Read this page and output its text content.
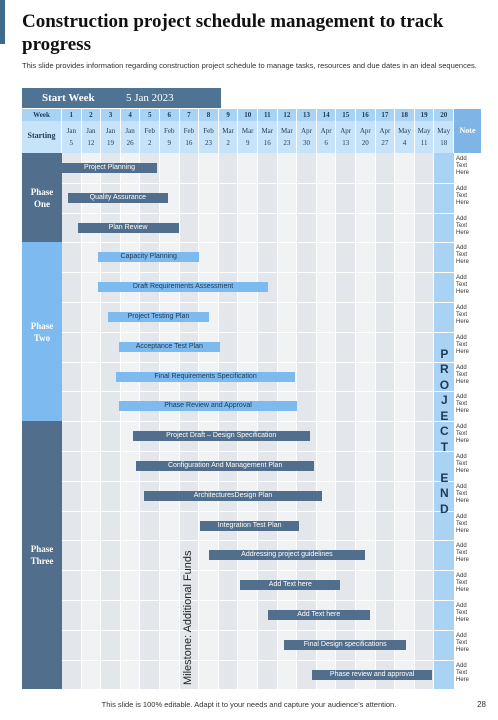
Construction project schedule management to track progress
This slide provides information regarding construction project schedule to manage tasks, resources and due dates in an ideal sequences.
Start Week	5 Jan 2023
Week
Starting
1
Jan
5
2
Jan
12
3
Jan
19
4
Jan
26
5
Feb
2
6
Feb
9
7
Feb
16
8
Feb
23
9
Mar
2
10
Mar
9
11
Mar
16
12
Mar
23
13
Apr
30
14
Apr
6
15
Apr
13
16
Apr
20
17
Apr
27
18
May
4
19
May
11
20
May
18
Note
Phase One
Phase Two
Phase Three
Add
Text
Here
Add
Text
Here
Add
Text
Here
Add
Text
Here
Add
Text
Here
Add
Text
Here
Add
Text
Here
Add
Text
Here
Add
Text
Here
Add
Text
Here
Add
Text
Here
Add
Text
Here
Add
Text
Here
Add
Text
Here
Add
Text
Here
Add
Text
Here
Add
Text
Here
Add
Text
Here
Project Planning
Quality Assurance
Plan Review
Capacity Planning
Draft Requirements Assessment
Project Testing Plan
Acceptance Test Plan
Final Requirements Specification
Phase Review and Approval
Project Draft – Design Specification
Configuration And Management Plan
ArchitecturesDesign Plan
Integration Test Plan
Addressing project guidelines
Add Text here
Add Text here
Final Design specifications
Phase review and approval
P
R
O
J
E
C
T
E
N
D
Milestone: Additional Funds
This slide is 100% editable. Adapt it to your needs and capture your audience’s attention.	28
